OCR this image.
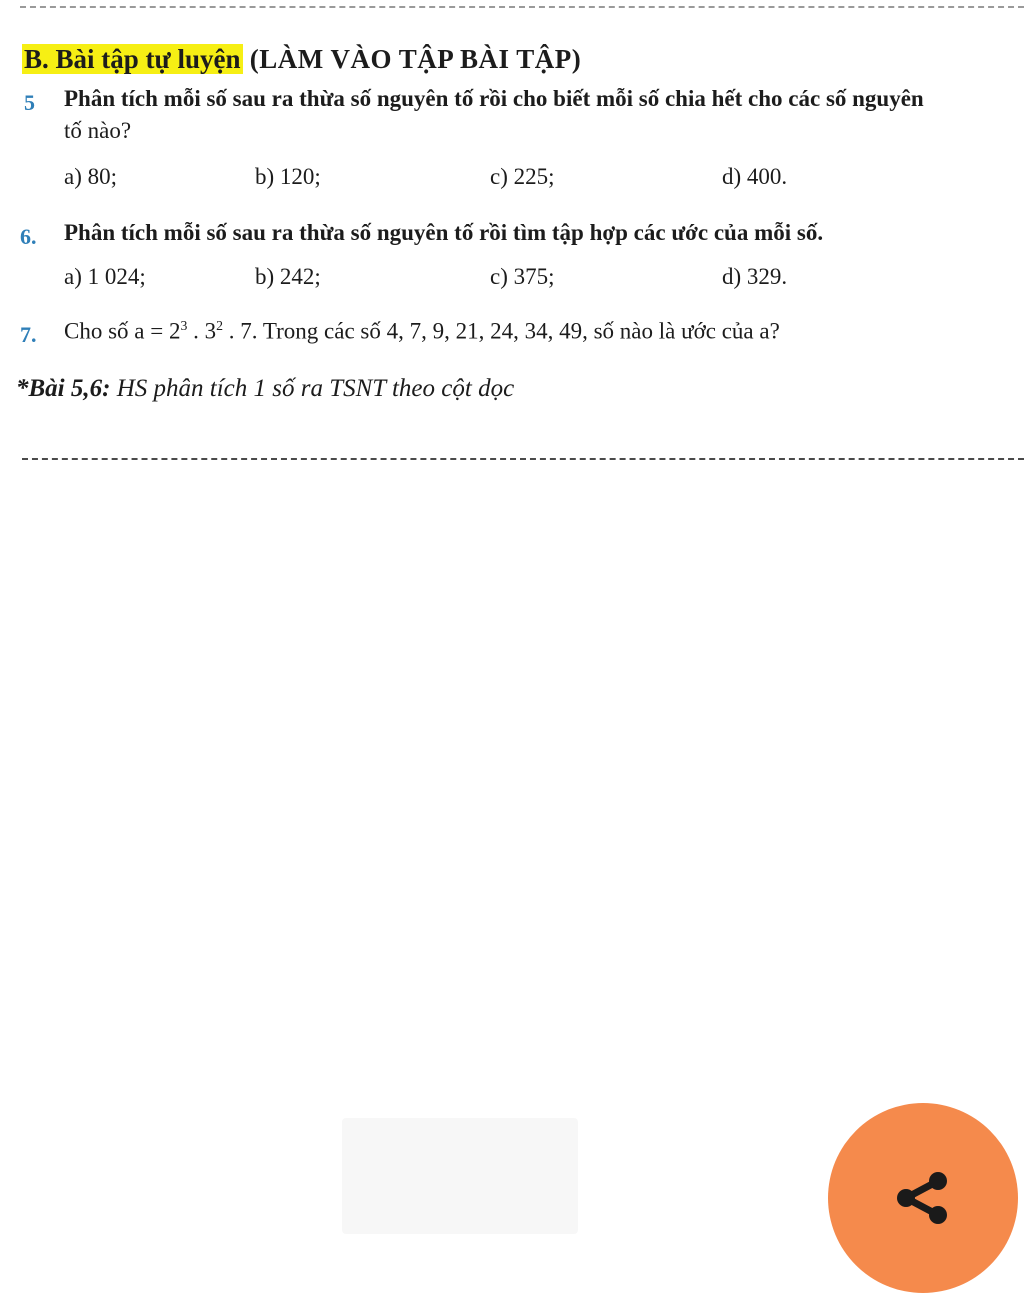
B. Bài tập tự luyện (LÀM VÀO TẬP BÀI TẬP)
5 Phân tích mỗi số sau ra thừa số nguyên tố rồi cho biết mỗi số chia hết cho các số nguyên
tố nào?
a) 80;	b) 120;	c) 225;	d) 400.
6. Phân tích mỗi số sau ra thừa số nguyên tố rồi tìm tập hợp các ước của mỗi số.
a) 1 024;	b) 242;	c) 375;	d) 329.
7. Cho số $a = 2^3$ . $3^2$ . 7. Trong các số 4, 7, 9, 21, 24, 34, 49, số nào là ước của a?
*Bài 5,6: HS phân tích 1 số ra TSNT theo cột dọc
